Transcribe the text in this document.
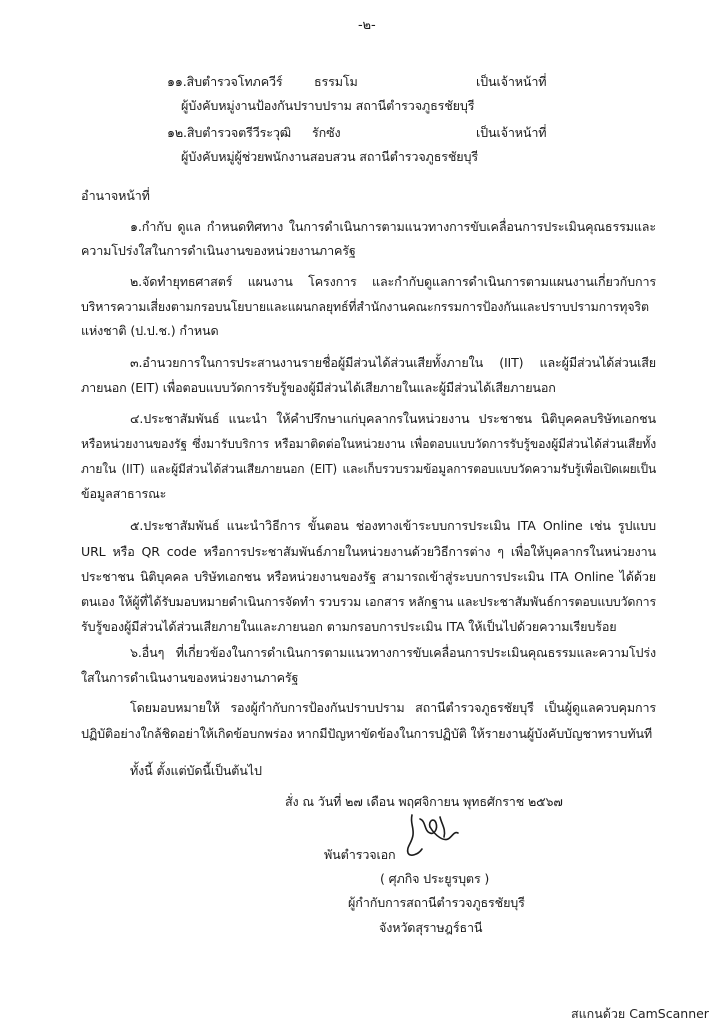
-๒-
๑๑.สิบตำรวจโทภควีร์ ธรรมโม	เป็นเจ้าหน้าที่
ผู้บังคับหมู่งานป้องกันปราบปราม สถานีตำรวจภูธรชัยบุรี
๑๒.สิบตำรวจตรีวีระวุฒิ รักซัง	เป็นเจ้าหน้าที่
ผู้บังคับหมู่ผู้ช่วยพนักงานสอบสวน สถานีตำรวจภูธรชัยบุรี
อำนาจหน้าที่
๑.กำกับ ดูแล กำหนดทิศทาง ในการดำเนินการตามแนวทางการขับเคลื่อนการประเมินคุณธรรมและ
ความโปร่งใสในการดำเนินงานของหน่วยงานภาครัฐ
๒.จัดทำยุทธศาสตร์ แผนงาน โครงการ และกำกับดูแลการดำเนินการตามแผนงานเกี่ยวกับการ
บริหารความเสี่ยงตามกรอบนโยบายและแผนกลยุทธ์ที่สำนักงานคณะกรรมการป้องกันและปราบปรามการทุจริต
แห่งชาติ (ป.ป.ช.) กำหนด
๓.อำนวยการในการประสานงานรายชื่อผู้มีส่วนได้ส่วนเสียทั้งภายใน (IIT) และผู้มีส่วนได้ส่วนเสีย
ภายนอก (EIT) เพื่อตอบแบบวัดการรับรู้ของผู้มีส่วนได้เสียภายในและผู้มีส่วนได้เสียภายนอก
๔.ประชาสัมพันธ์ แนะนำ ให้คำปรึกษาแก่บุคลากรในหน่วยงาน ประชาชน นิติบุคคลบริษัทเอกชน
หรือหน่วยงานของรัฐ ซึ่งมารับบริการ หรือมาติดต่อในหน่วยงาน เพื่อตอบแบบวัดการรับรู้ของผู้มีส่วนได้ส่วนเสียทั้ง
ภายใน (IIT) และผู้มีส่วนได้ส่วนเสียภายนอก (EIT) และเก็บรวบรวมข้อมูลการตอบแบบวัดความรับรู้เพื่อเปิดเผยเป็น
ข้อมูลสาธารณะ
๕.ประชาสัมพันธ์ แนะนำวิธีการ ขั้นตอน ช่องทางเข้าระบบการประเมิน ITA Online เช่น รูปแบบ
URL หรือ QR code หรือการประชาสัมพันธ์ภายในหน่วยงานด้วยวิธีการต่าง ๆ เพื่อให้บุคลากรในหน่วยงาน
ประชาชน นิติบุคคล บริษัทเอกชน หรือหน่วยงานของรัฐ สามารถเข้าสู่ระบบการประเมิน ITA Online ได้ด้วย
ตนเอง ให้ผู้ที่ได้รับมอบหมายดำเนินการจัดทำ รวบรวม เอกสาร หลักฐาน และประชาสัมพันธ์การตอบแบบวัดการ
รับรู้ของผู้มีส่วนได้ส่วนเสียภายในและภายนอก ตามกรอบการประเมิน ITA ให้เป็นไปด้วยความเรียบร้อย
๖.อื่นๆ ที่เกี่ยวข้องในการดำเนินการตามแนวทางการขับเคลื่อนการประเมินคุณธรรมและความโปร่ง
ใสในการดำเนินงานของหน่วยงานภาครัฐ
โดยมอบหมายให้ รองผู้กำกับการป้องกันปราบปราม สถานีตำรวจภูธรชัยบุรี เป็นผู้ดูแลควบคุมการ
ปฏิบัติอย่างใกล้ชิดอย่าให้เกิดข้อบกพร่อง หากมีปัญหาขัดข้องในการปฏิบัติ ให้รายงานผู้บังคับบัญชาทราบทันที
ทั้งนี้ ตั้งแต่บัดนี้เป็นต้นไป
สั่ง ณ วันที่ ๒๗ เดือน พฤศจิกายน พุทธศักราช ๒๕๖๗
พันตำรวจเอก
( ศุภกิจ ประยูรบุตร )
ผู้กำกับการสถานีตำรวจภูธรชัยบุรี
จังหวัดสุราษฎร์ธานี
สแกนด้วย CamScanner
